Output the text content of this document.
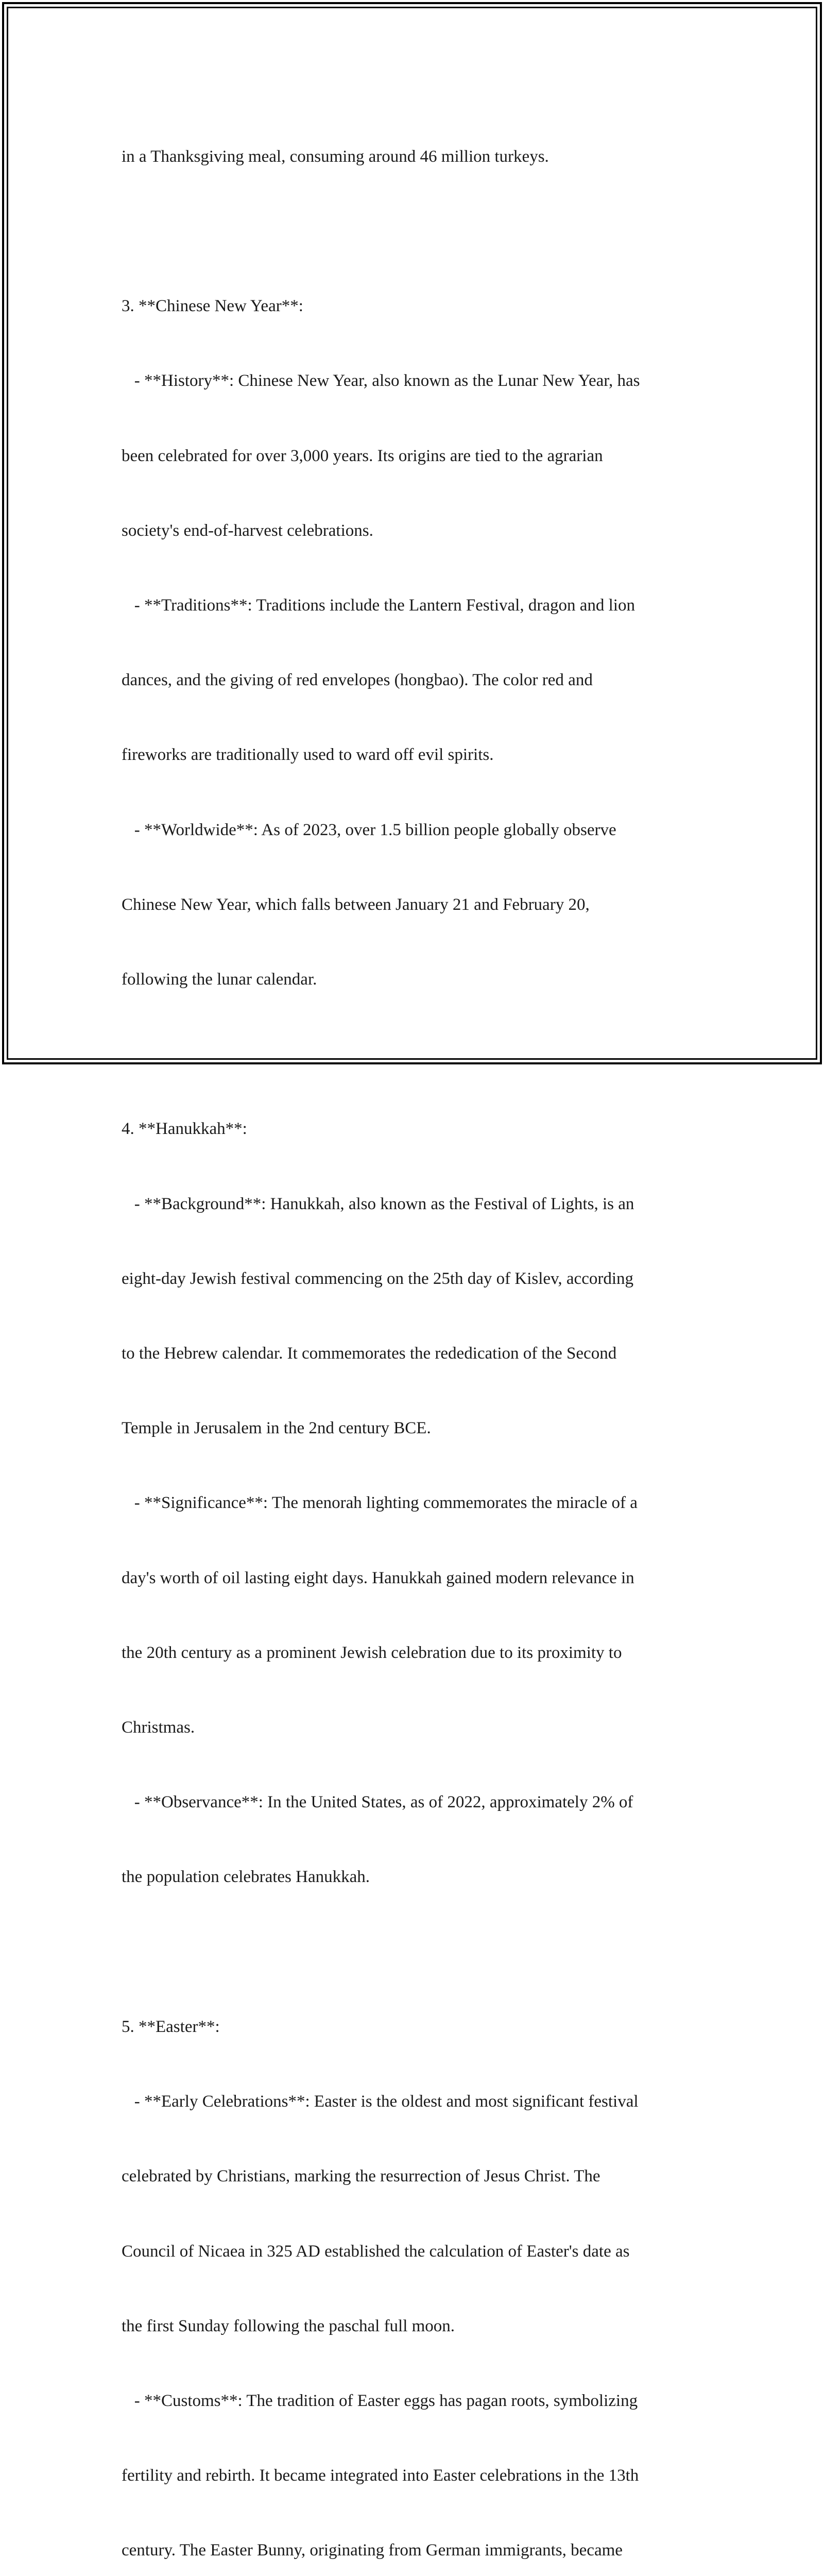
in a Thanksgiving meal, consuming around 46 million turkeys.

3. **Chinese New Year**:

- **History**: Chinese New Year, also known as the Lunar New Year, has

been celebrated for over 3,000 years. Its origins are tied to the agrarian

society's end-of-harvest celebrations.

- **Traditions**: Traditions include the Lantern Festival, dragon and lion

dances, and the giving of red envelopes (hongbao). The color red and

fireworks are traditionally used to ward off evil spirits.

- **Worldwide**: As of 2023, over 1.5 billion people globally observe

Chinese New Year, which falls between January 21 and February 20,

following the lunar calendar.

4. **Hanukkah**:

- **Background**: Hanukkah, also known as the Festival of Lights, is an

eight-day Jewish festival commencing on the 25th day of Kislev, according

to the Hebrew calendar. It commemorates the rededication of the Second

Temple in Jerusalem in the 2nd century BCE.

- **Significance**: The menorah lighting commemorates the miracle of a

day's worth of oil lasting eight days. Hanukkah gained modern relevance in

the 20th century as a prominent Jewish celebration due to its proximity to

Christmas.

- **Observance**: In the United States, as of 2022, approximately 2% of

the population celebrates Hanukkah.

5. **Easter**:

- **Early Celebrations**: Easter is the oldest and most significant festival

celebrated by Christians, marking the resurrection of Jesus Christ. The

Council of Nicaea in 325 AD established the calculation of Easter's date as

the first Sunday following the paschal full moon.

- **Customs**: The tradition of Easter eggs has pagan roots, symbolizing

fertility and rebirth. It became integrated into Easter celebrations in the 13th

century. The Easter Bunny, originating from German immigrants, became
